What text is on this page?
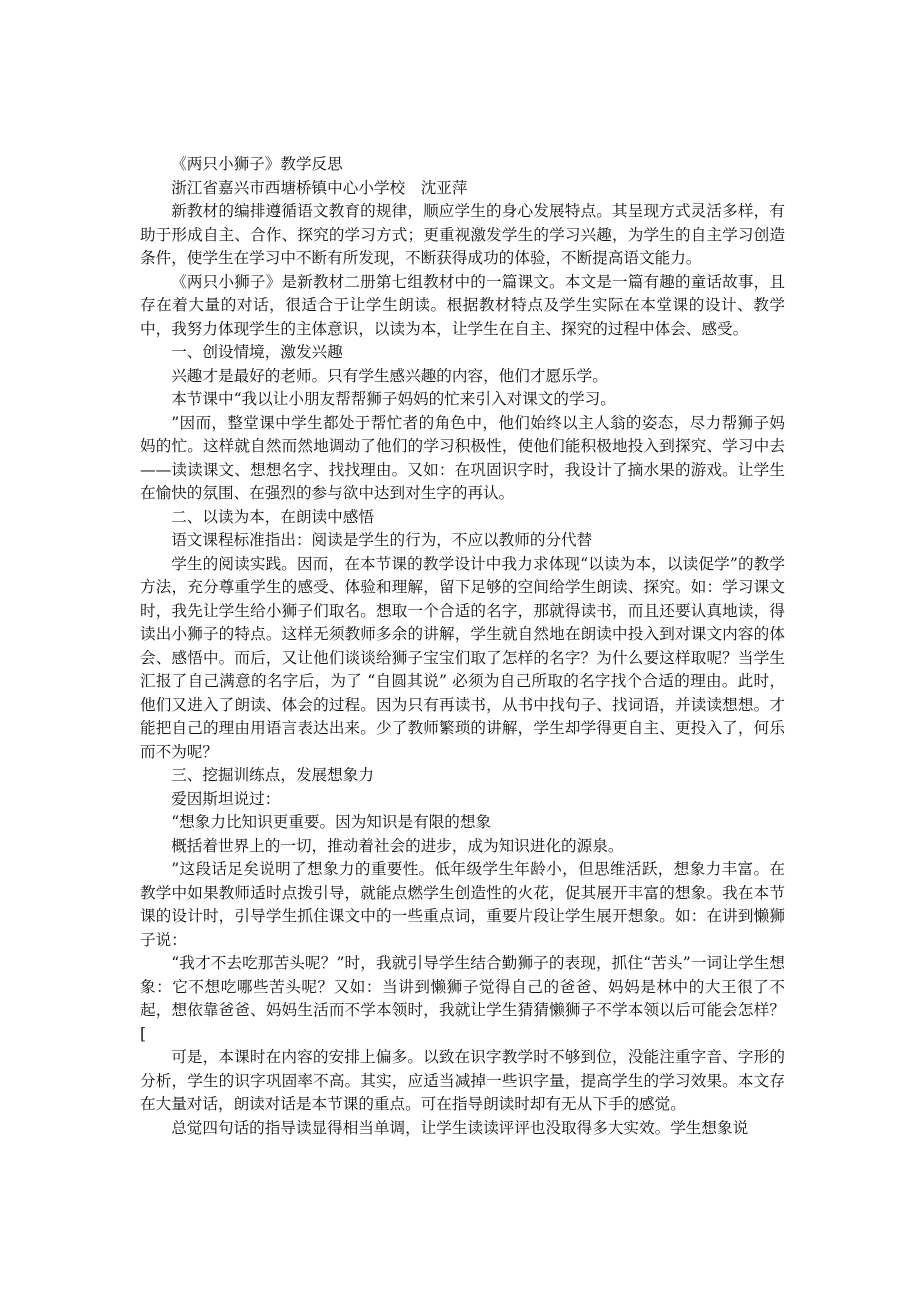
《两只小狮子》教学反思

浙江省嘉兴市西塘桥镇中心小学校　沈亚萍

新教材的编排遵循语文教育的规律，顺应学生的身心发展特点。其呈现方式灵活多样，有助于形成自主、合作、探究的学习方式；更重视激发学生的学习兴趣，为学生的自主学习创造条件，使学生在学习中不断有所发现，不断获得成功的体验，不断提高语文能力。

《两只小狮子》是新教材二册第七组教材中的一篇课文。本文是一篇有趣的童话故事，且存在着大量的对话，很适合于让学生朗读。根据教材特点及学生实际在本堂课的设计、教学中，我努力体现学生的主体意识，以读为本，让学生在自主、探究的过程中体会、感受。

一、创设情境，激发兴趣

兴趣才是最好的老师。只有学生感兴趣的内容，他们才愿乐学。

本节课中“我以让小朋友帮帮狮子妈妈的忙来引入对课文的学习。

”因而，整堂课中学生都处于帮忙者的角色中，他们始终以主人翁的姿态，尽力帮狮子妈妈的忙。这样就自然而然地调动了他们的学习积极性，使他们能积极地投入到探究、学习中去——读读课文、想想名字、找找理由。又如：在巩固识字时，我设计了摘水果的游戏。让学生在愉快的氛围、在强烈的参与欲中达到对生字的再认。

二、以读为本，在朗读中感悟

语文课程标准指出：阅读是学生的行为，不应以教师的分代替

学生的阅读实践。因而，在本节课的教学设计中我力求体现“以读为本，以读促学”的教学方法，充分尊重学生的感受、体验和理解，留下足够的空间给学生朗读、探究。如：学习课文时，我先让学生给小狮子们取名。想取一个合适的名字，那就得读书，而且还要认真地读，得读出小狮子的特点。这样无须教师多余的讲解，学生就自然地在朗读中投入到对课文内容的体会、感悟中。而后，又让他们谈谈给狮子宝宝们取了怎样的名字？为什么要这样取呢？当学生汇报了自己满意的名字后，为了 “自圆其说” 必须为自己所取的名字找个合适的理由。此时，他们又进入了朗读、体会的过程。因为只有再读书，从书中找句子、找词语，并读读想想。才能把自己的理由用语言表达出来。少了教师繁琐的讲解，学生却学得更自主、更投入了，何乐而不为呢？

三、挖掘训练点，发展想象力

爱因斯坦说过：

“想象力比知识更重要。因为知识是有限的想象

概括着世界上的一切，推动着社会的进步，成为知识进化的源泉。

”这段话足矣说明了想象力的重要性。低年级学生年龄小，但思维活跃，想象力丰富。在教学中如果教师适时点拨引导，就能点燃学生创造性的火花，促其展开丰富的想象。我在本节课的设计时，引导学生抓住课文中的一些重点词，重要片段让学生展开想象。如：在讲到懒狮子说：

“我才不去吃那苦头呢？”时，我就引导学生结合勤狮子的表现，抓住“苦头”一词让学生想象：它不想吃哪些苦头呢？又如：当讲到懒狮子觉得自己的爸爸、妈妈是林中的大王很了不起，想依靠爸爸、妈妈生活而不学本领时，我就让学生猜猜懒狮子不学本领以后可能会怎样？[

可是，本课时在内容的安排上偏多。以致在识字教学时不够到位，没能注重字音、字形的分析，学生的识字巩固率不高。其实，应适当减掉一些识字量，提高学生的学习效果。本文存在大量对话，朗读对话是本节课的重点。可在指导朗读时却有无从下手的感觉。

总觉四句话的指导读显得相当单调，让学生读读评评也没取得多大实效。学生想象说
